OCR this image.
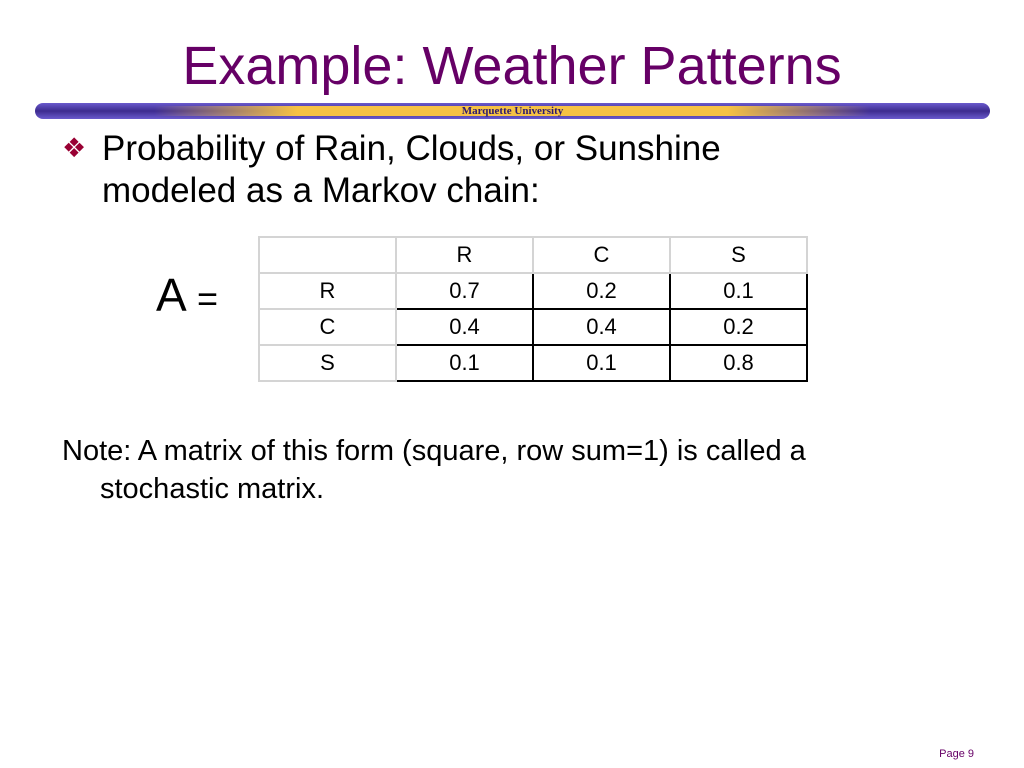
Example: Weather Patterns
Marquette University
❖ Probability of Rain, Clouds, or Sunshine modeled as a Markov chain:
A =
	R	C	S
R	0.7	0.2	0.1
C	0.4	0.4	0.2
S	0.1	0.1	0.8
Note: A matrix of this form (square, row sum=1) is called a
stochastic matrix.
Page 9
